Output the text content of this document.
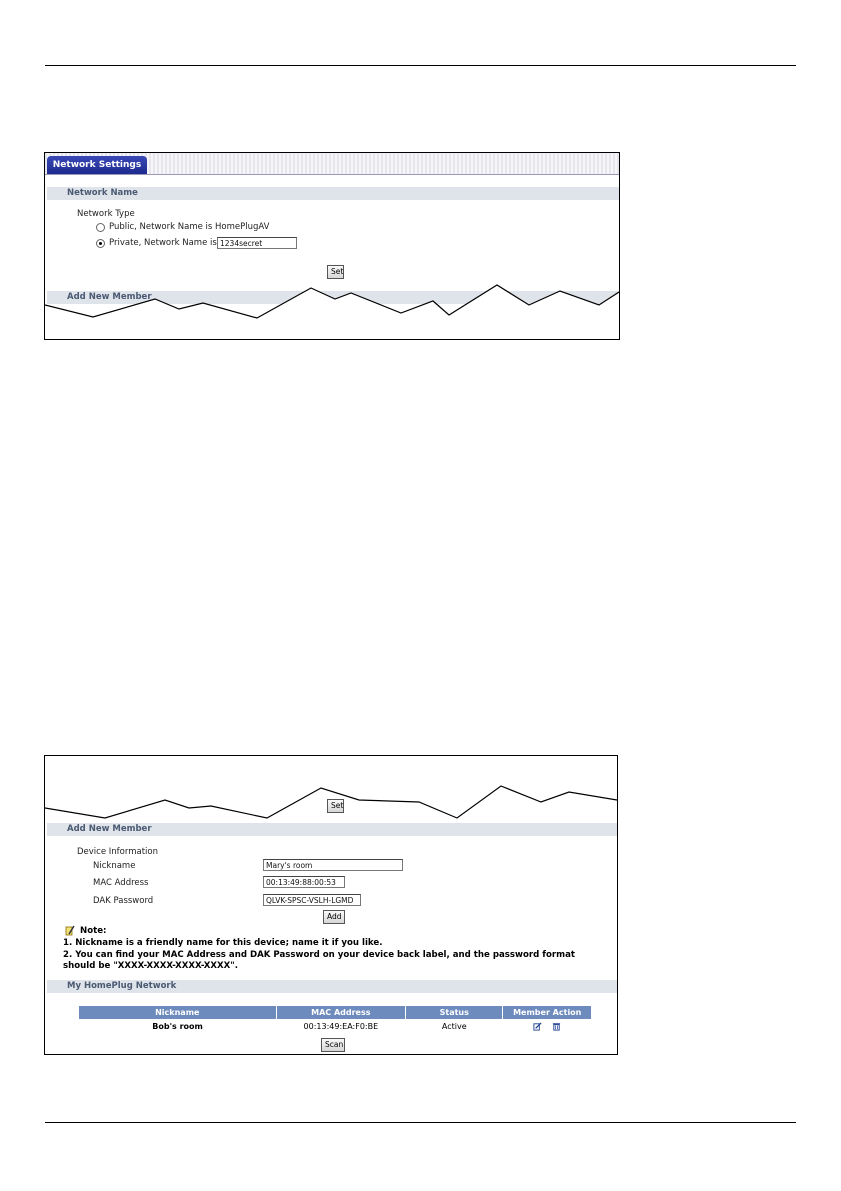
Network Settings
Network Name
Network Type
Public, Network Name is HomePlugAV
Private, Network Name is 1234secret
Set
Add New Member
Set
Add New Member
Device Information
Nickname	Mary's room
MAC Address	00:13:49:88:00:53
DAK Password	QLVK-SPSC-VSLH-LGMD
Add
Note:
1. Nickname is a friendly name for this device; name it if you like.
2. You can find your MAC Address and DAK Password on your device back label, and the password format
should be "XXXX-XXXX-XXXX-XXXX".
My HomePlug Network
Nickname	MAC Address	Status	Member Action
Bob's room	00:13:49:EA:F0:BE	Active	
Scan
